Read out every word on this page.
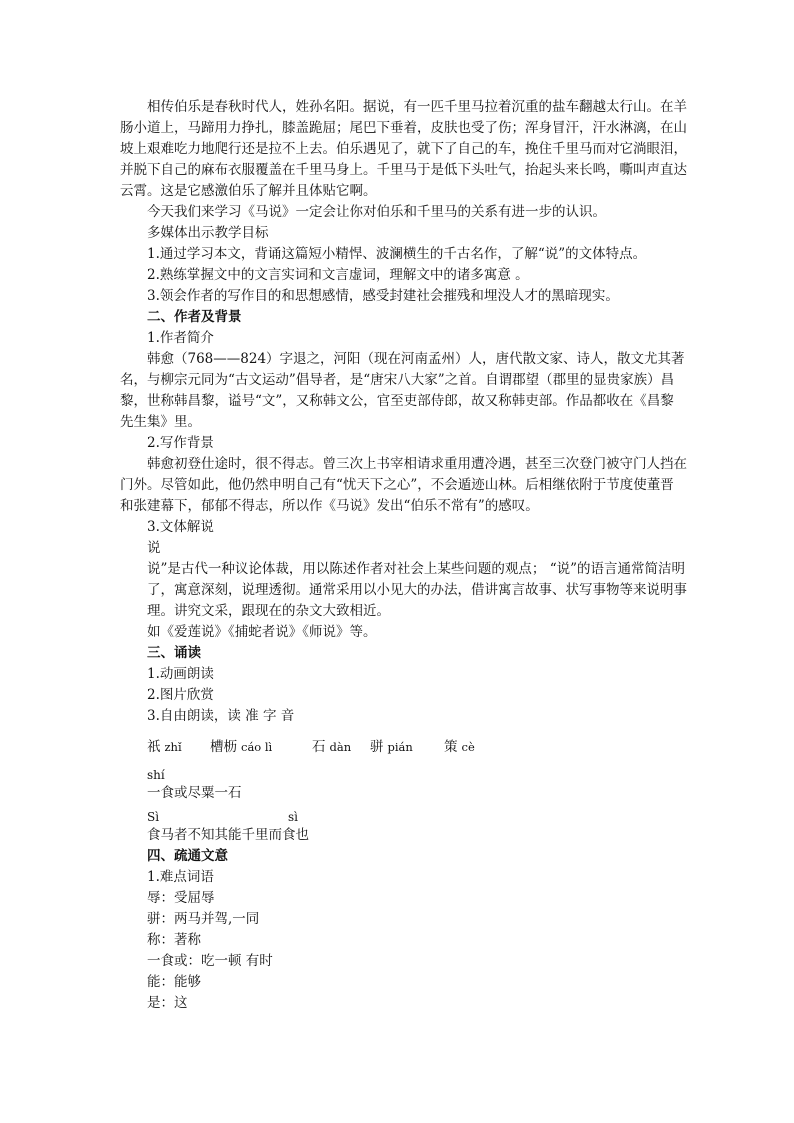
相传伯乐是春秋时代人，姓孙名阳。据说，有一匹千里马拉着沉重的盐车翻越太行山。在羊肠小道上，马蹄用力挣扎，膝盖跪屈；尾巴下垂着，皮肤也受了伤；浑身冒汗，汗水淋漓，在山坡上艰难吃力地爬行还是拉不上去。伯乐遇见了，就下了自己的车，挽住千里马而对它淌眼泪，并脱下自己的麻布衣服覆盖在千里马身上。千里马于是低下头吐气，抬起头来长鸣，嘶叫声直达云霄。这是它感激伯乐了解并且体贴它啊。

今天我们来学习《马说》一定会让你对伯乐和千里马的关系有进一步的认识。

多媒体出示教学目标

1.通过学习本文，背诵这篇短小精悍、波澜横生的千古名作，了解“说”的文体特点。

2.熟练掌握文中的文言实词和文言虚词，理解文中的诸多寓意 。

3.领会作者的写作目的和思想感情，感受封建社会摧残和埋没人才的黑暗现实。

二、作者及背景

1.作者简介

韩愈（768——824）字退之，河阳（现在河南孟州）人，唐代散文家、诗人，散文尤其著名，与柳宗元同为“古文运动”倡导者，是“唐宋八大家”之首。自谓郡望（郡里的显贵家族）昌黎，世称韩昌黎，谥号“文”，又称韩文公，官至吏部侍郎，故又称韩吏部。作品都收在《昌黎先生集》里。

2.写作背景

韩愈初登仕途时，很不得志。曾三次上书宰相请求重用遭冷遇，甚至三次登门被守门人挡在门外。尽管如此，他仍然申明自己有“忧天下之心”，不会遁迹山林。后相继依附于节度使董晋和张建幕下，郁郁不得志，所以作《马说》发出“伯乐不常有”的感叹。

3.文体解说

说

说”是古代一种议论体裁，用以陈述作者对社会上某些问题的观点； “说”的语言通常简洁明了，寓意深刻，说理透彻。通常采用以小见大的办法，借讲寓言故事、状写事物等来说明事理。讲究文采，跟现在的杂文大致相近。

如《爱莲说》《捕蛇者说》《师说》等。

三、诵读

1.动画朗读

2.图片欣赏

3.自由朗读，读 准 字 音

祇 zhǐ 槽枥 cáo lì	石 dàn 骈 pián 策 cè

shí

一食或尽粟一石

Sì	sì

食马者不知其能千里而食也

四、疏通文意

1.难点词语

辱：受屈辱

骈：两马并驾,一同

称：著称

一食或：吃一顿 有时

能：能够

是：这
